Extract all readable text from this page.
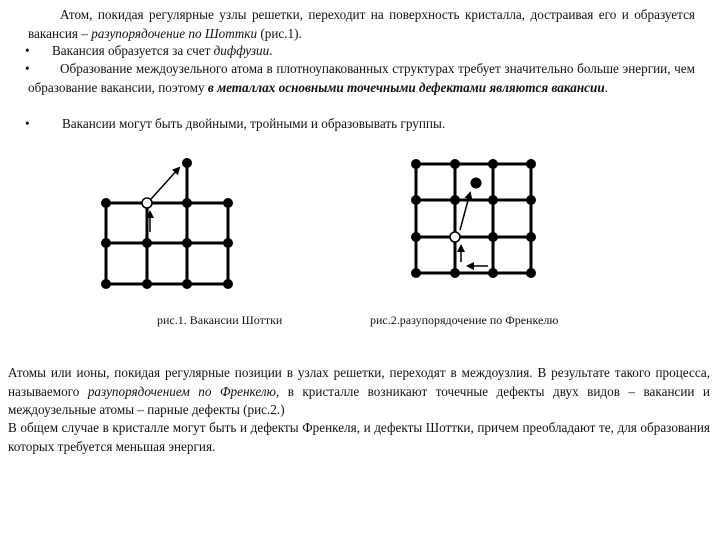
Атом, покидая регулярные узлы решетки, переходит на поверхность кристалла, достраивая его и образуется вакансия – разупорядочение по Шоттки (рис.1).
• Вакансия образуется за счет диффузии.
•	Образование междоузельного атома в плотноупакованных структурах требует значительно больше энергии, чем образование вакансии, поэтому в металлах основными точечными дефектами являются вакансии.
• Вакансии могут быть двойными, тройными и образовывать группы.
рис.1. Вакансии Шоттки	рис.2.разупорядочение по Френкелю
Атомы или ионы, покидая регулярные позиции в узлах решетки, переходят в междоузлия. В результате такого процесса, называемого разупорядочением по Френкелю, в кристалле возникают точечные дефекты двух видов – вакансии и междоузельные атомы – парные дефекты (рис.2.)
В общем случае в кристалле могут быть и дефекты Френкеля, и дефекты Шоттки, причем преобладают те, для образования которых требуется меньшая энергия.
